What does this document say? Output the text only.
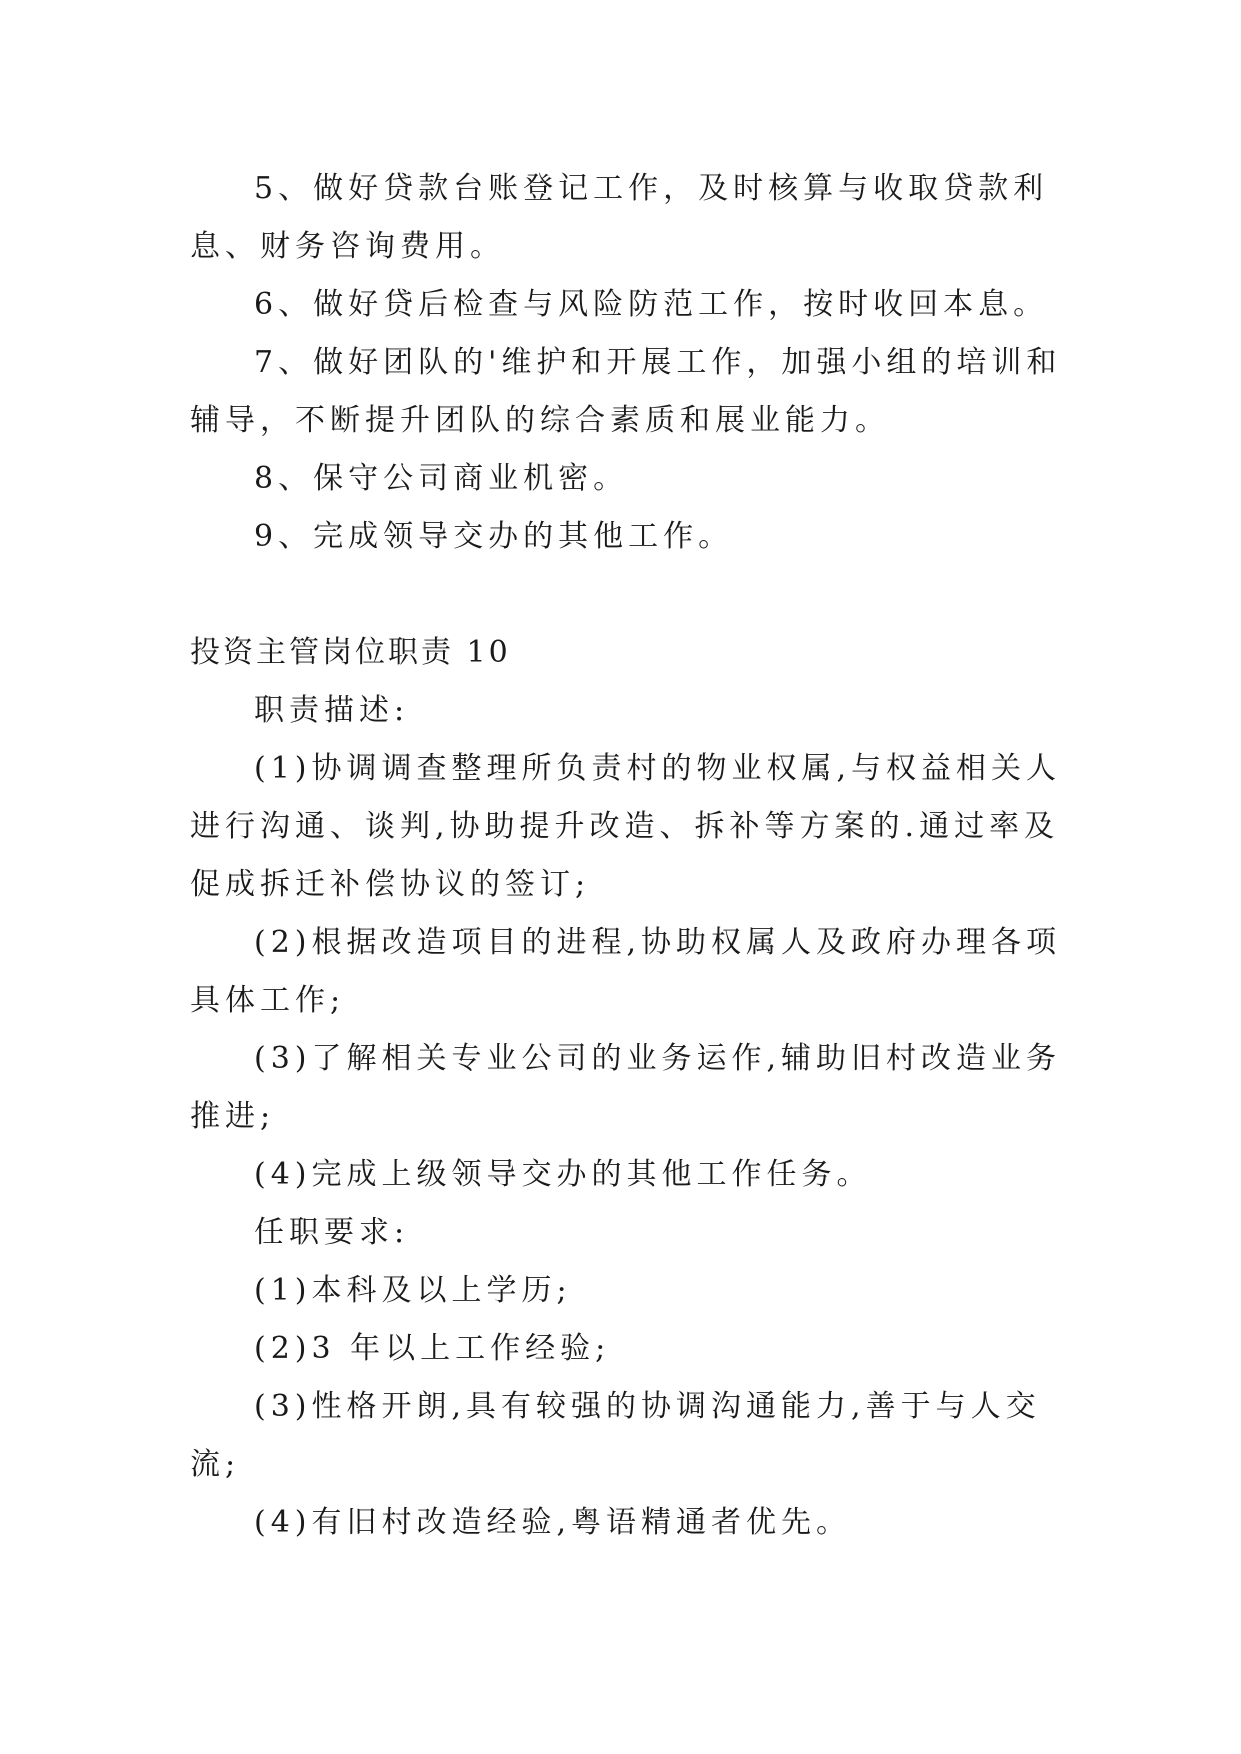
5、做好贷款台账登记工作，及时核算与收取贷款利息、财务咨询费用。

6、做好贷后检查与风险防范工作，按时收回本息。

7、做好团队的'维护和开展工作，加强小组的培训和辅导，不断提升团队的综合素质和展业能力。

8、保守公司商业机密。

9、完成领导交办的其他工作。

投资主管岗位职责 10

职责描述:

(1)协调调查整理所负责村的物业权属,与权益相关人进行沟通、谈判,协助提升改造、拆补等方案的.通过率及促成拆迁补偿协议的签订;

(2)根据改造项目的进程,协助权属人及政府办理各项具体工作;

(3)了解相关专业公司的业务运作,辅助旧村改造业务推进;

(4)完成上级领导交办的其他工作任务。

任职要求:

(1)本科及以上学历;

(2)3 年以上工作经验;

(3)性格开朗,具有较强的协调沟通能力,善于与人交流;

(4)有旧村改造经验,粤语精通者优先。
